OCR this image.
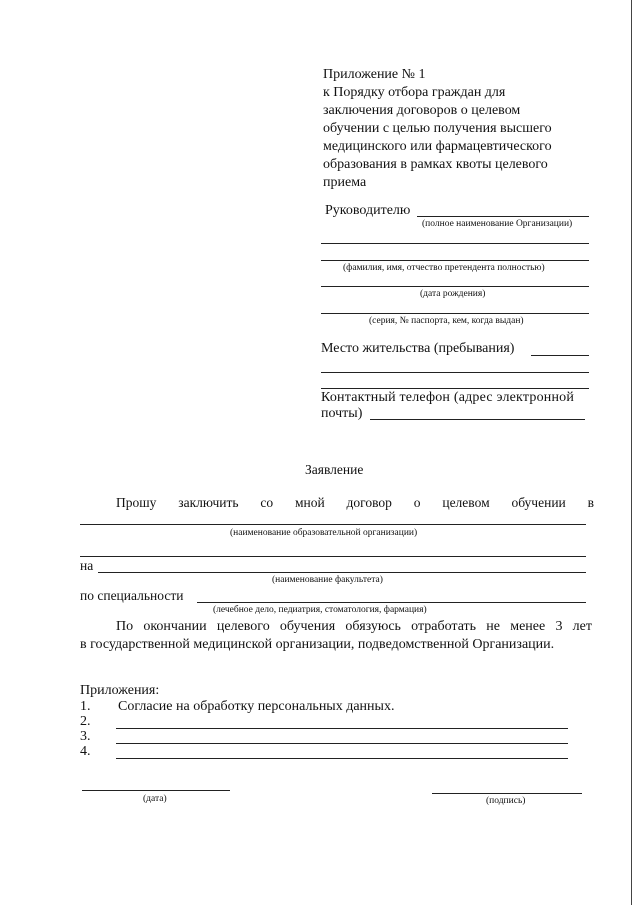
Приложение № 1
к Порядку отбора граждан для
заключения договоров о целевом
обучении с целью получения высшего
медицинского или фармацевтического
образования в рамках квоты целевого
приема
Руководителю
(полное наименование Организации)
(фамилия, имя, отчество претендента полностью)
(дата рождения)
(серия, № паспорта, кем, когда выдан)
Место жительства (пребывания)
Контактный телефон (адрес электронной
почты)
Заявление
Прошу заключить со мной договор о целевом обучении в
(наименование образовательной организации)
на
(наименование факультета)
по специальности
(лечебное дело, педиатрия, стоматология, фармация)
По окончании целевого обучения обязуюсь отработать не менее 3 лет
в государственной медицинской организации, подведомственной Организации.
Приложения:
1. Согласие на обработку персональных данных.
2.
3.
4.
(дата)	(подпись)
